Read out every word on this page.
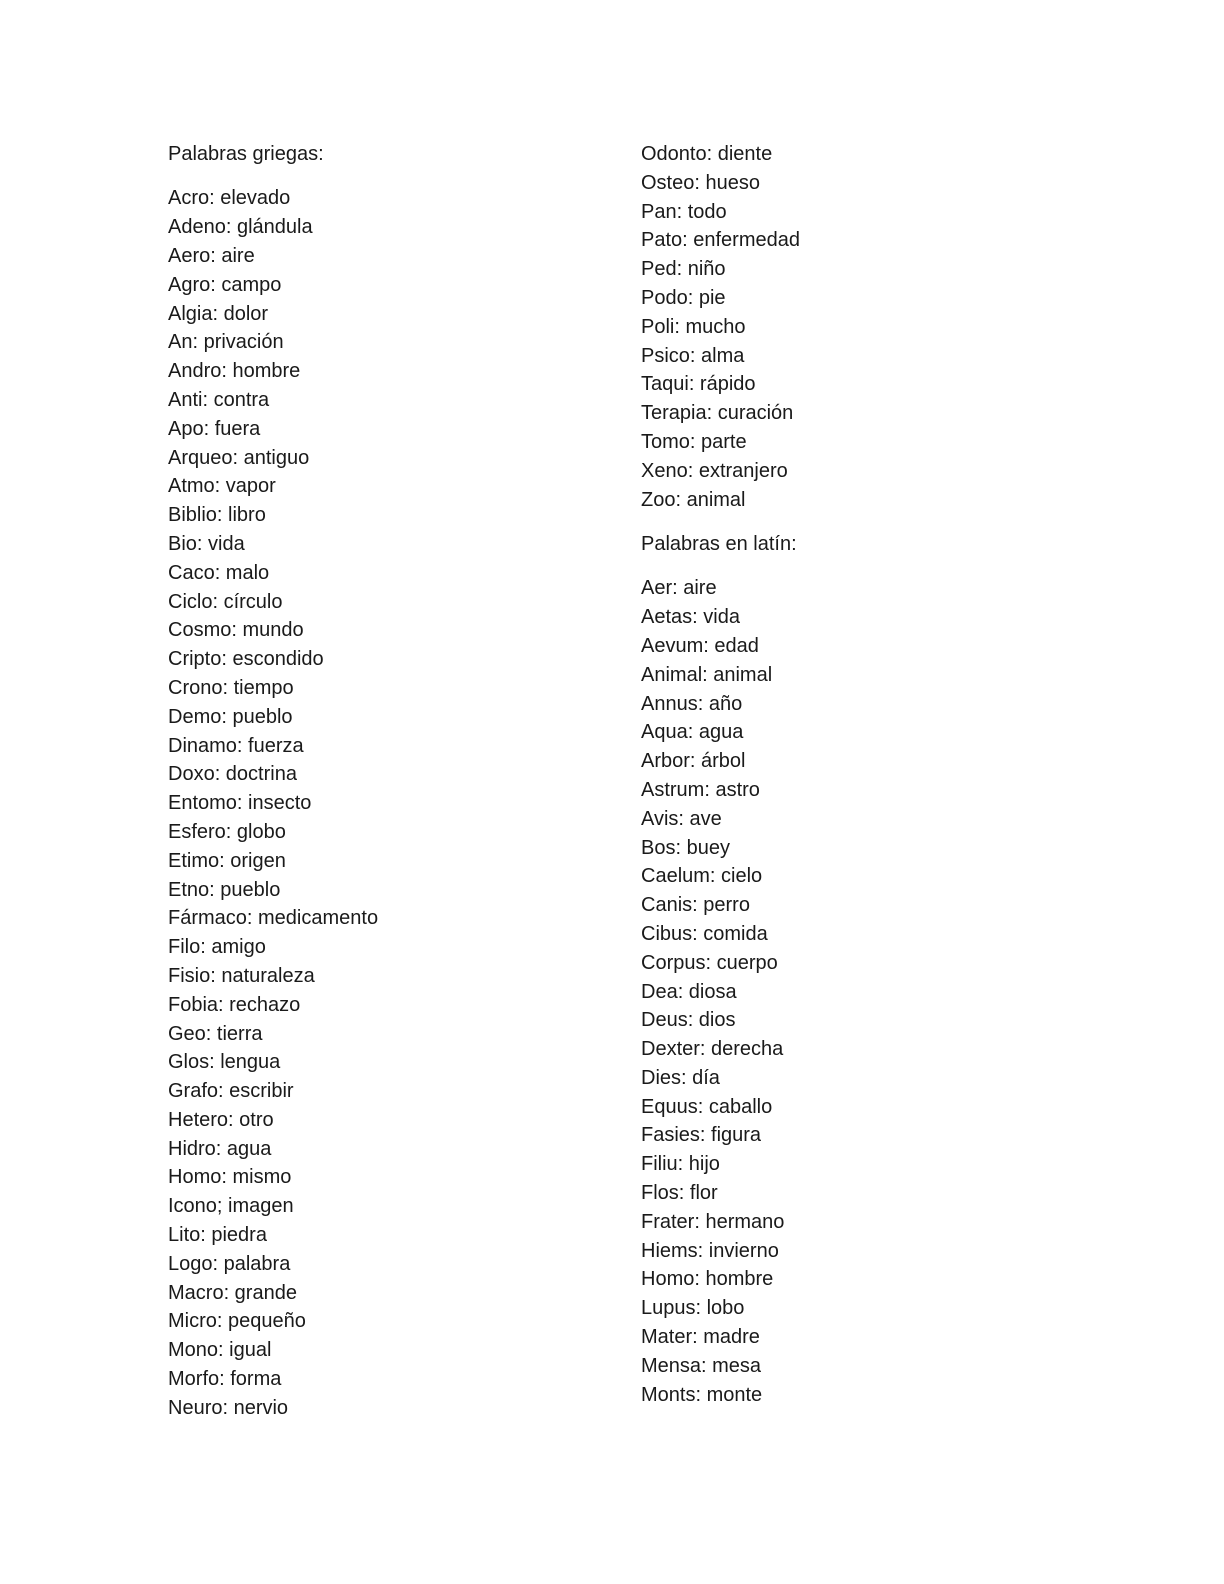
Palabras griegas:
Acro: elevado
Adeno: glándula
Aero: aire
Agro: campo
Algia: dolor
An: privación
Andro: hombre
Anti: contra
Apo: fuera
Arqueo: antiguo
Atmo: vapor
Biblio: libro
Bio: vida
Caco: malo
Ciclo: círculo
Cosmo: mundo
Cripto: escondido
Crono: tiempo
Demo: pueblo
Dinamo: fuerza
Doxo: doctrina
Entomo: insecto
Esfero: globo
Etimo: origen
Etno: pueblo
Fármaco: medicamento
Filo: amigo
Fisio: naturaleza
Fobia: rechazo
Geo: tierra
Glos: lengua
Grafo: escribir
Hetero: otro
Hidro: agua
Homo: mismo
Icono; imagen
Lito: piedra
Logo: palabra
Macro: grande
Micro: pequeño
Mono: igual
Morfo: forma
Neuro: nervio
Odonto: diente
Osteo: hueso
Pan: todo
Pato: enfermedad
Ped: niño
Podo: pie
Poli: mucho
Psico: alma
Taqui: rápido
Terapia: curación
Tomo: parte
Xeno: extranjero
Zoo: animal
Palabras en latín:
Aer: aire
Aetas: vida
Aevum: edad
Animal: animal
Annus: año
Aqua: agua
Arbor: árbol
Astrum: astro
Avis: ave
Bos: buey
Caelum: cielo
Canis: perro
Cibus: comida
Corpus: cuerpo
Dea: diosa
Deus: dios
Dexter: derecha
Dies: día
Equus: caballo
Fasies: figura
Filiu: hijo
Flos: flor
Frater: hermano
Hiems: invierno
Homo: hombre
Lupus: lobo
Mater: madre
Mensa: mesa
Monts: monte
